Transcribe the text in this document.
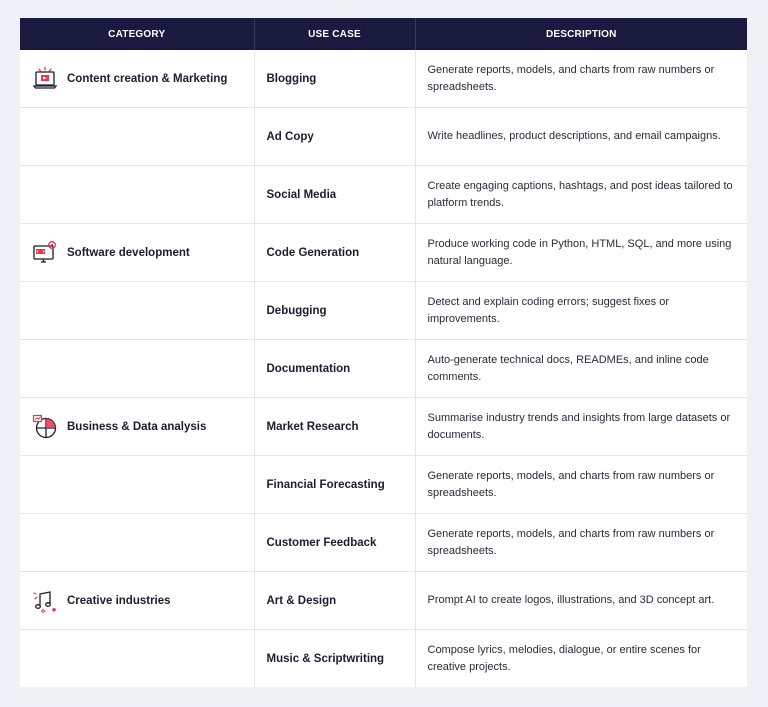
CATEGORY	USE CASE	DESCRIPTION

Content creation & Marketing	Blogging	Generate reports, models, and charts from raw numbers or spreadsheets.
	Ad Copy	Write headlines, product descriptions, and email campaigns.
	Social Media	Create engaging captions, hashtags, and post ideas tailored to platform trends.

Software development	Code Generation	Produce working code in Python, HTML, SQL, and more using natural language.
	Debugging	Detect and explain coding errors; suggest fixes or improvements.
	Documentation	Auto-generate technical docs, READMEs, and inline code comments.

Business & Data analysis	Market Research	Summarise industry trends and insights from large datasets or documents.
	Financial Forecasting	Generate reports, models, and charts from raw numbers or spreadsheets.
	Customer Feedback	Generate reports, models, and charts from raw numbers or spreadsheets.

Creative industries	Art & Design	Prompt AI to create logos, illustrations, and 3D concept art.
	Music & Scriptwriting	Compose lyrics, melodies, dialogue, or entire scenes for creative projects.
